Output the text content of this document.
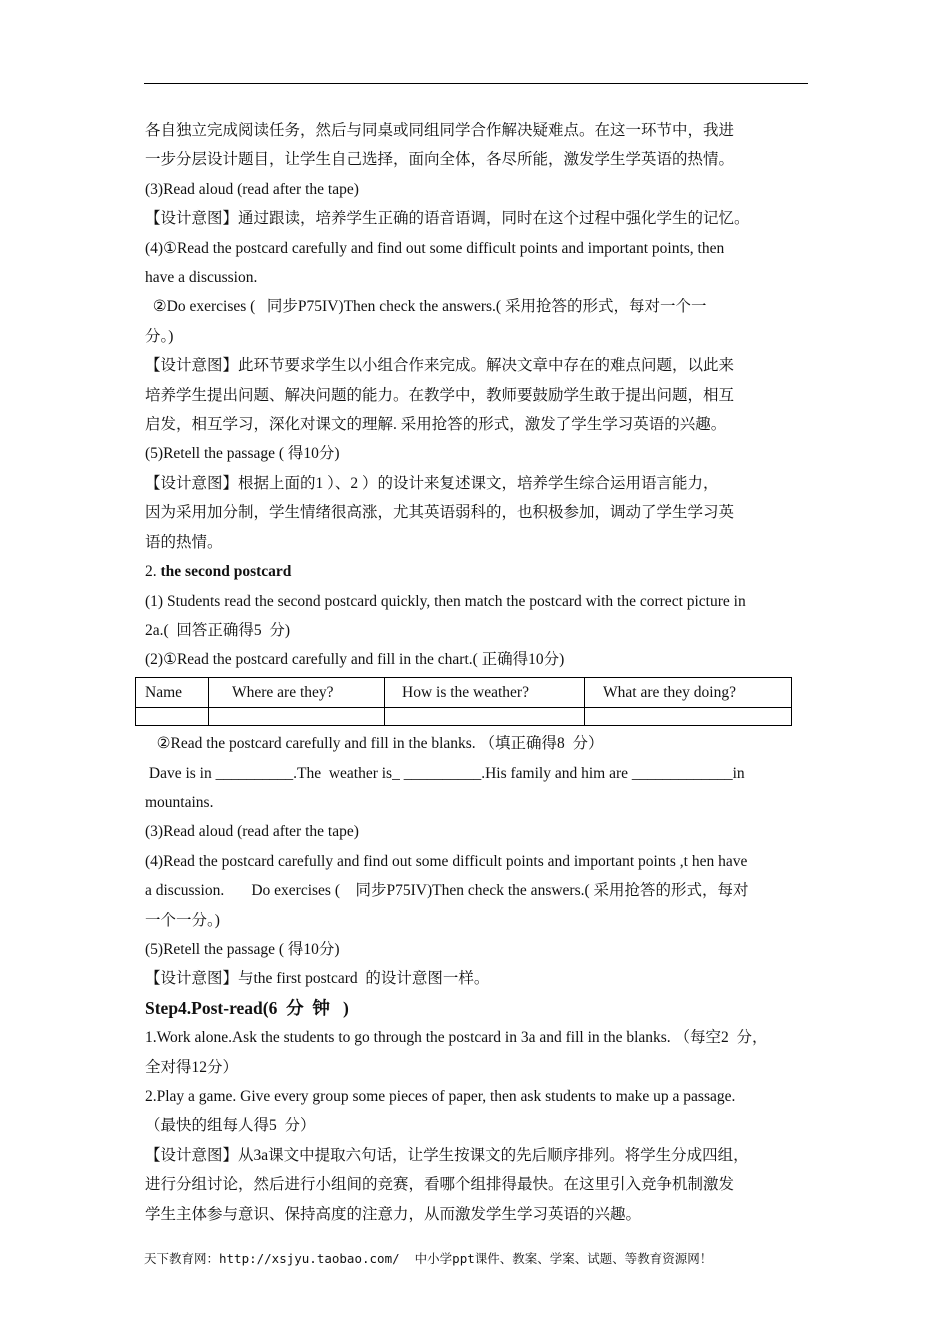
各自独立完成阅读任务，然后与同桌或同组同学合作解决疑难点。在这一环节中，我进

一步分层设计题目，让学生自己选择，面向全体，各尽所能，激发学生学英语的热情。

(3)Read aloud (read after the tape)

【设计意图】通过跟读，培养学生正确的语音语调，同时在这个过程中强化学生的记忆。

(4)①Read the postcard carefully and find out some difficult points and important points, then

have a discussion.

②Do exercises (   同步P75IV)Then check the answers.( 采用抢答的形式，每对一个一

分。)

【设计意图】此环节要求学生以小组合作来完成。解决文章中存在的难点问题，以此来

培养学生提出问题、解决问题的能力。在教学中，教师要鼓励学生敢于提出问题，相互

启发，相互学习，深化对课文的理解. 采用抢答的形式，激发了学生学习英语的兴趣。

(5)Retell the passage ( 得10分)

【设计意图】根据上面的1 ）、2 ）的设计来复述课文，培养学生综合运用语言能力，

因为采用加分制，学生情绪很高涨，尤其英语弱科的，也积极参加，调动了学生学习英

语的热情。

2. the second postcard

(1) Students read the second postcard quickly, then match the postcard with the correct picture in

2a.(  回答正确得5  分)

(2)①Read the postcard carefully and fill in the chart.( 正确得10分)

Name	Where are they?	How is the weather?	What are they doing?

②Read the postcard carefully and fill in the blanks. （填正确得8  分）

Dave is in __________.The  weather is_ __________.His family and him are _____________in

mountains.

(3)Read aloud (read after the tape)

(4)Read the postcard carefully and find out some difficult points and important points ,t hen have

a discussion.       Do exercises (    同步P75IV)Then check the answers.( 采用抢答的形式，每对

一个一分。)

(5)Retell the passage ( 得10分)

【设计意图】与the first postcard  的设计意图一样。

Step4.Post-read(6  分  钟   )

1.Work alone.Ask the students to go through the postcard in 3a and fill in the blanks. （每空2  分，

全对得12分）

2.Play a game. Give every group some pieces of paper, then ask students to make up a passage.

（最快的组每人得5  分）

【设计意图】从3a课文中提取六句话，让学生按课文的先后顺序排列。将学生分成四组，

进行分组讨论，然后进行小组间的竞赛，看哪个组排得最快。在这里引入竞争机制激发

学生主体参与意识、保持高度的注意力，从而激发学生学习英语的兴趣。

天下教育网：http://xsjyu.taobao.com/  中小学ppt课件、教案、学案、试题、等教育资源网！
